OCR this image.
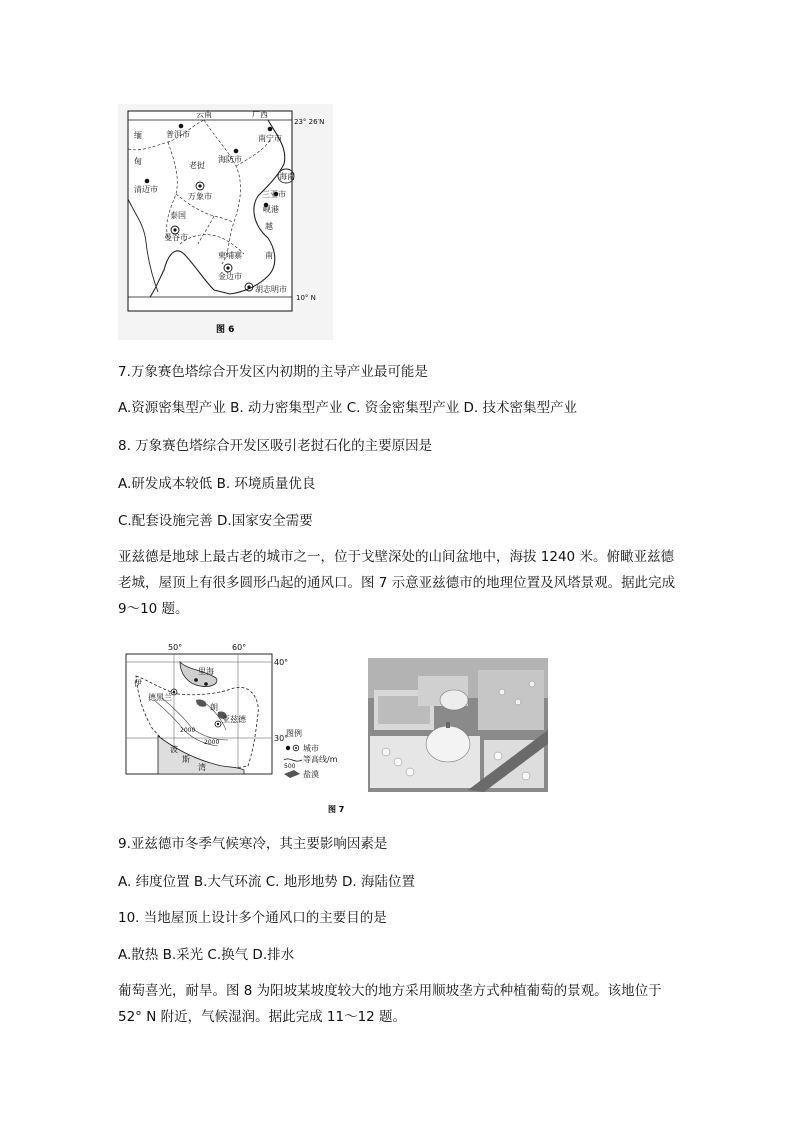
云南	广西
普洱市	南宁市
缅
甸	老挝
海防市
海南
三亚市
清迈市
万象市
岘港
泰国
越
曼谷市
柬埔寨
金边市
南
胡志明市
23° 26′N
10° N
图 6
7.万象赛色塔综合开发区内初期的主导产业最可能是
A.资源密集型产业 B. 动力密集型产业 C. 资金密集型产业 D. 技术密集型产业
8. 万象赛色塔综合开发区吸引老挝石化的主要原因是
A.研发成本较低 B. 环境质量优良
C.配套设施完善 D.国家安全需要
亚兹德是地球上最古老的城市之一，位于戈壁深处的山间盆地中，海拔 1240 米。俯瞰亚兹德老城，屋顶上有很多圆形凸起的通风口。图 7 示意亚兹德市的地理位置及风塔景观。据此完成 9～10 题。
50°	60°
40°
30°
里海
德黑兰
伊
朗
亚兹德
波
斯
湾
2000
2000
图例
城市
500
等高线/m
盐漠
图 7
9.亚兹德市冬季气候寒冷，其主要影响因素是
A. 纬度位置 B.大气环流 C. 地形地势 D. 海陆位置
10. 当地屋顶上设计多个通风口的主要目的是
A.散热 B.采光 C.换气 D.排水
葡萄喜光，耐旱。图 8 为阳坡某坡度较大的地方采用顺坡垄方式种植葡萄的景观。该地位于 52° N 附近，气候湿润。据此完成 11～12 题。
